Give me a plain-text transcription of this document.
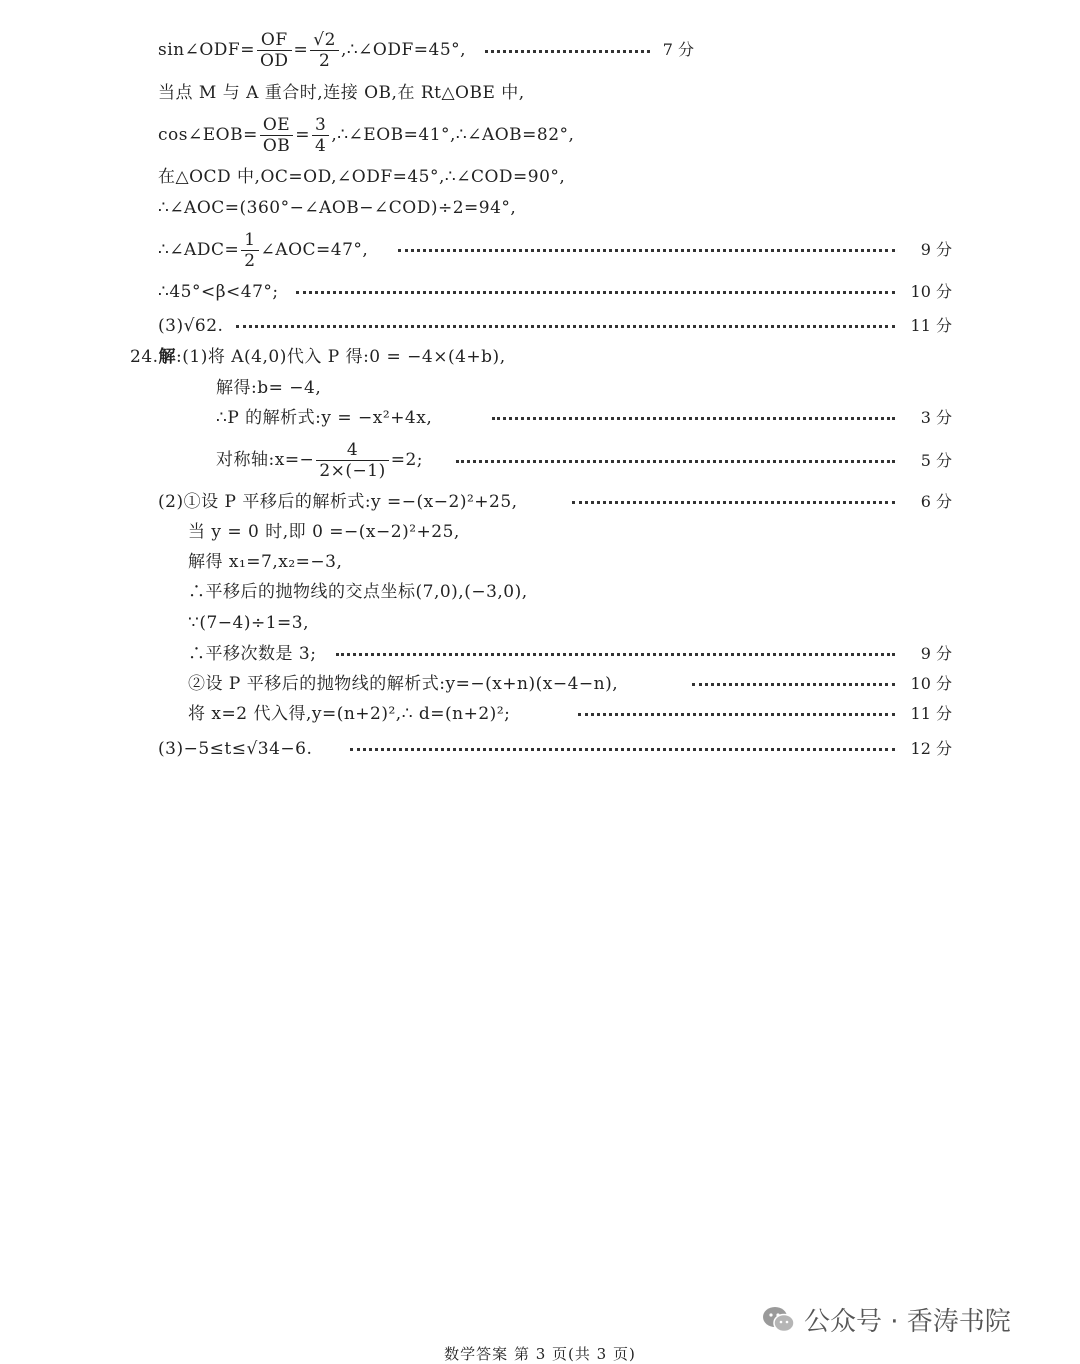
sin∠ODF= $\frac{OF}{OD} = \frac{√2}{2}$ ,∴∠ODF=45°,	7 分
当点 M 与 A 重合时,连接 OB,在 Rt△OBE 中,
cos∠EOB= $\frac{OE}{OB} = \frac{3}{4}$ ,∴∠EOB=41°,∴∠AOB=82°,
在△OCD 中,OC=OD,∠ODF=45°,∴∠COD=90°,
∴∠AOC=(360°−∠AOB−∠COD)÷2=94°,
∴∠ADC= $\frac{1}{2}$ ∠AOC=47°,	9 分
∴45°<β<47°;	10 分
(3)√62.	11 分
24.解:(1)将 A(4,0)代入 P 得:0 = −4×(4+b),
解得:b= −4,
∴P 的解析式:y = −x²+4x,	3 分
对称轴:x=− $\frac{4}{2\times(-1)} =2$;	5 分
(2)①设 P 平移后的解析式:y =−(x−2)²+25,	6 分
当 y = 0 时,即 0 =−(x−2)²+25,
解得 x₁=7,x₂=−3,
∴平移后的抛物线的交点坐标(7,0),(−3,0),
∵(7−4)÷1=3,
∴平移次数是 3;	9 分
②设 P 平移后的抛物线的解析式:y=−(x+n)(x−4−n),	10 分
将 x=2 代入得,y=(n+2)²,∴ d=(n+2)²;	11 分
(3)−5≤t≤√34−6.	12 分
公众号 · 香涛书院
数学答案 第 3 页(共 3 页)
